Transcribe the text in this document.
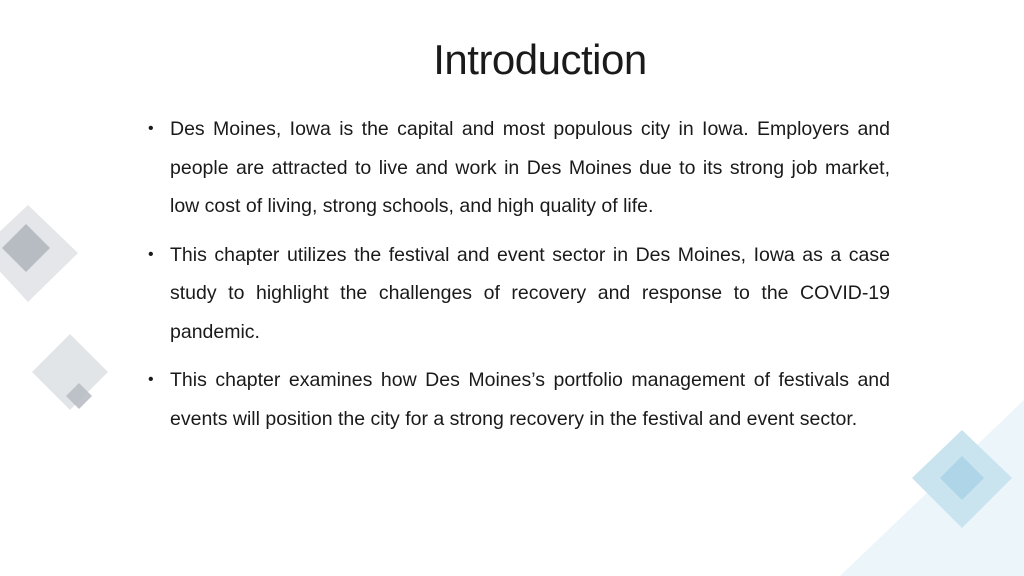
Introduction
• Des Moines, Iowa is the capital and most populous city in Iowa. Employers and people are attracted to live and work in Des Moines due to its strong job market, low cost of living, strong schools, and high quality of life.
• This chapter utilizes the festival and event sector in Des Moines, Iowa as a case study to highlight the challenges of recovery and response to the COVID-19 pandemic.
• This chapter examines how Des Moines’s portfolio management of festivals and events will position the city for a strong recovery in the festival and event sector.
